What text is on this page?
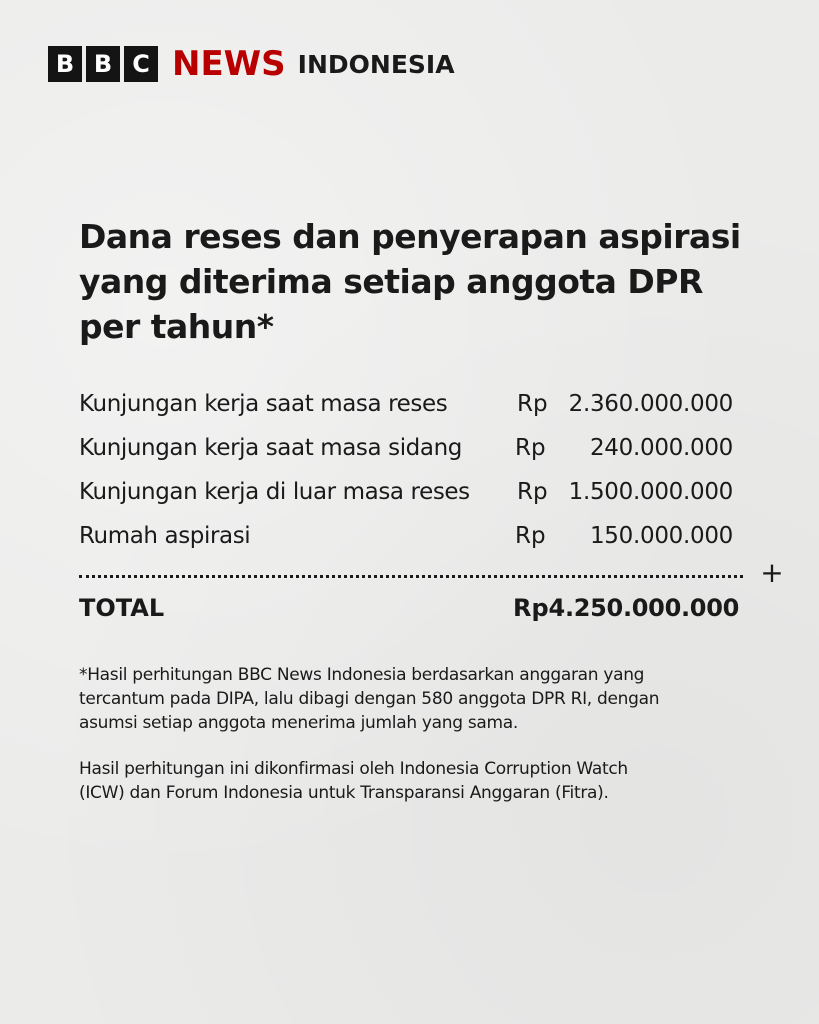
B B C NEWS INDONESIA
Dana reses dan penyerapan aspirasi
yang diterima setiap anggota DPR
per tahun*
Kunjungan kerja saat masa reses	Rp 2.360.000.000
Kunjungan kerja saat masa sidang Rp 240.000.000
Kunjungan kerja di luar masa reses Rp 1.500.000.000
Rumah aspirasi	Rp 150.000.000
+
TOTAL	Rp 4.250.000.000

*Hasil perhitungan BBC News Indonesia berdasarkan anggaran yang
tercantum pada DIPA, lalu dibagi dengan 580 anggota DPR RI, dengan
asumsi setiap anggota menerima jumlah yang sama.

Hasil perhitungan ini dikonfirmasi oleh Indonesia Corruption Watch
(ICW) dan Forum Indonesia untuk Transparansi Anggaran (Fitra).
